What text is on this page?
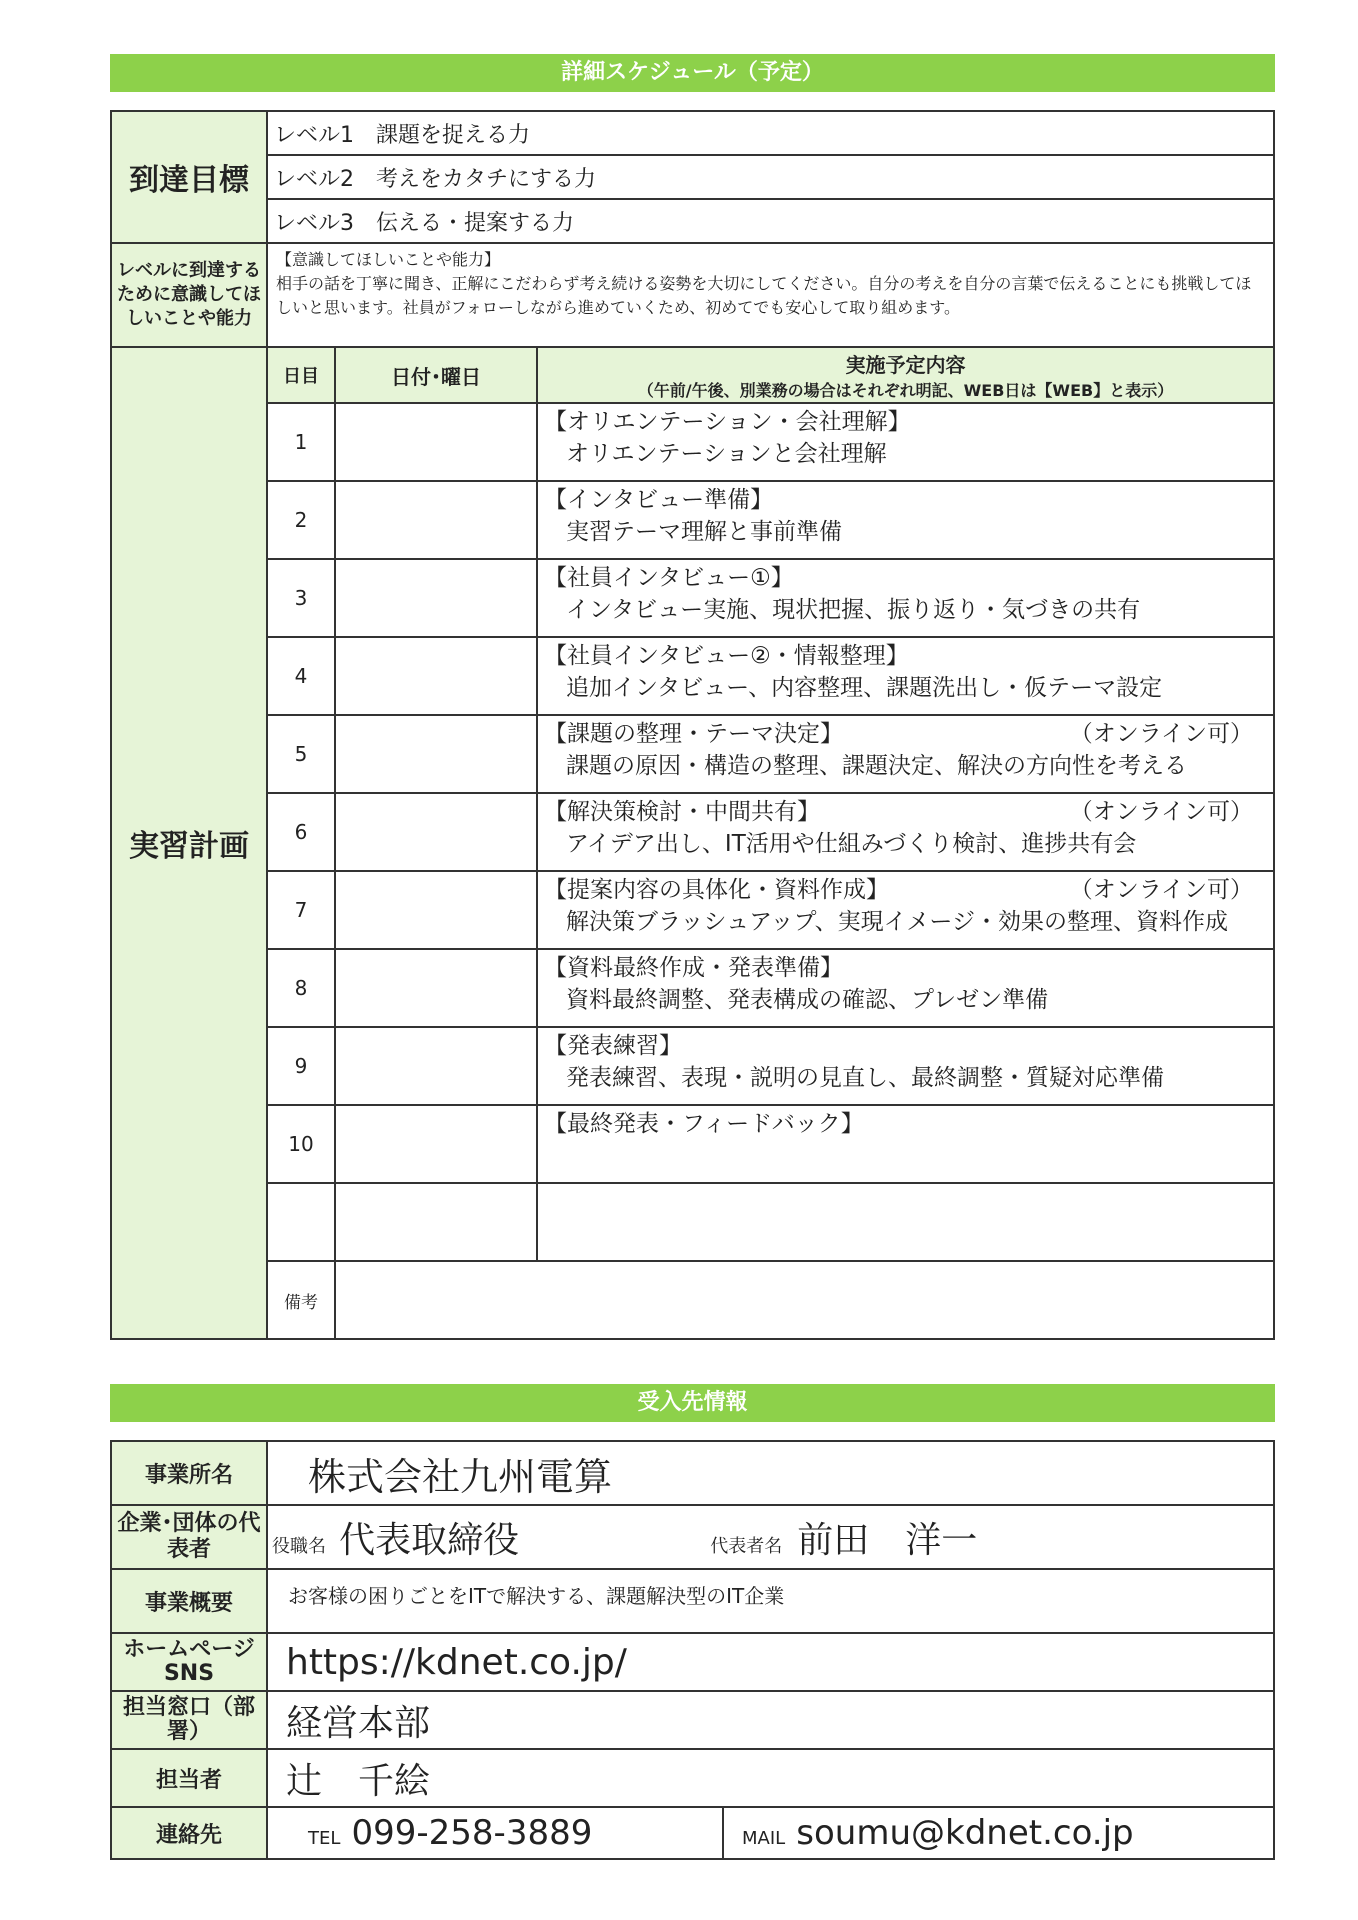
詳細スケジュール（予定）
到達目標	レベル1　課題を捉える力		
	レベル2　考えをカタチにする力		
	レベル3　伝える・提案する力		
レベルに到達するために意識してほしいことや能力	【意識してほしいことや能力】
相手の話を丁寧に聞き、正解にこだわらず考え続ける姿勢を大切にしてください。自分の考えを自分の言葉で伝えることにも挑戦してほしいと思います。社員がフォローしながら進めていくため、初めてでも安心して取り組めます。		

実習計画	日目	日付･曜日	実施予定内容
（午前/午後、別業務の場合はそれぞれ明記、WEB日は【WEB】と表示）

	1		【オリエンテーション・会社理解】
オリエンテーションと会社理解

	2		【インタビュー準備】
実習テーマ理解と事前準備

	3		【社員インタビュー①】
インタビュー実施、現状把握、振り返り・気づきの共有

	4		【社員インタビュー②・情報整理】
追加インタビュー、内容整理、課題洗出し・仮テーマ設定

	5		【課題の整理・テーマ決定】 （オンライン可）
課題の原因・構造の整理、課題決定、解決の方向性を考える

	6		【解決策検討・中間共有】 （オンライン可）
アイデア出し、IT活用や仕組みづくり検討、進捗共有会

	7		【提案内容の具体化・資料作成】 （オンライン可）
解決策ブラッシュアップ、実現イメージ・効果の整理、資料作成

	8		【資料最終作成・発表準備】
資料最終調整、発表構成の確認、プレゼン準備

	9		【発表練習】
発表練習、表現・説明の見直し、最終調整・質疑対応準備

	10		【最終発表・フィードバック】

	備考		
受入先情報
事業所名	株式会社九州電算	
企業･団体の代表者	役職名 代表取締役 代表者名 前田　洋一	
事業概要	お客様の困りごとをITで解決する、課題解決型のIT企業	
ホームページSNS	https://kdnet.co.jp/	
担当窓口（部署）	経営本部	
担当者	辻　千絵	
連絡先	TEL 099-258-3889	MAIL soumu@kdnet.co.jp
